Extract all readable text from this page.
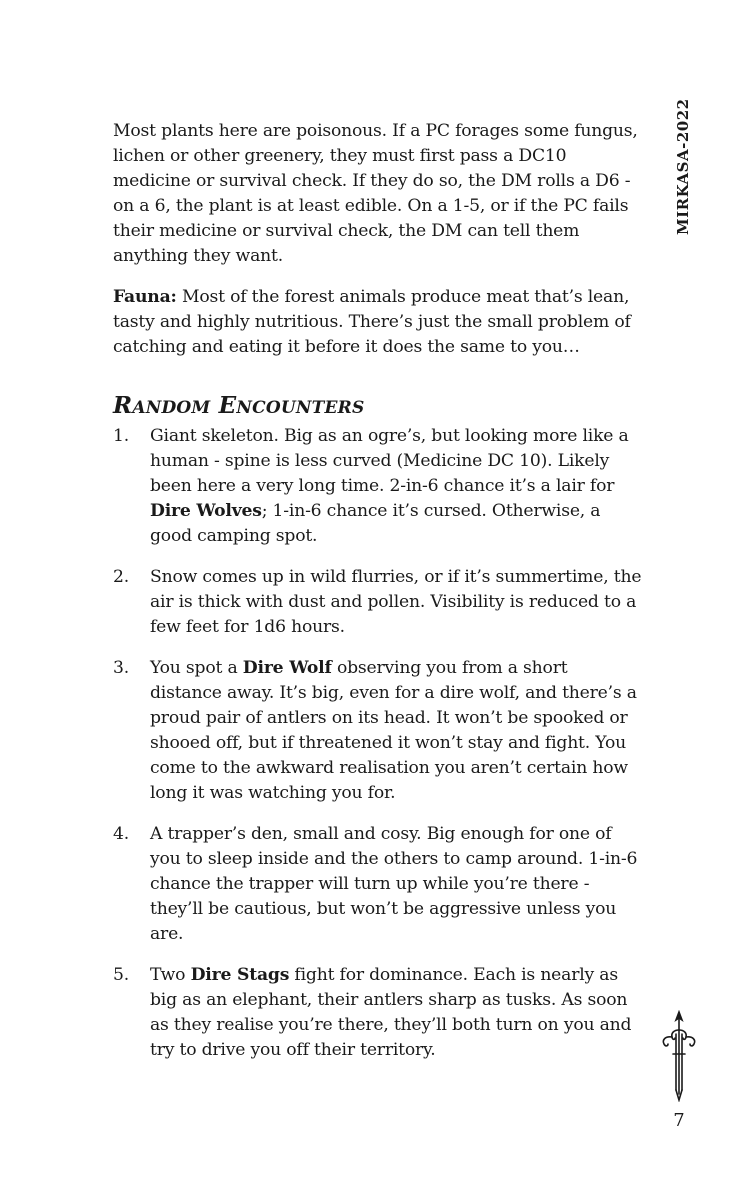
MIRKASA-2022

Most plants here are poisonous. If a PC forages some fungus, lichen or other greenery, they must first pass a DC10 medicine or survival check. If they do so, the DM rolls a D6 - on a 6, the plant is at least edible. On a 1-5, or if the PC fails their medicine or survival check, the DM can tell them anything they want.

Fauna: Most of the forest animals produce meat that’s lean, tasty and highly nutritious. There’s just the small problem of catching and eating it before it does the same to you…

RANDOM ENCOUNTERS
1.	Giant skeleton. Big as an ogre’s, but looking more like a human - spine is less curved (Medicine DC 10). Likely been here a very long time. 2-in-6 chance it’s a lair for Dire Wolves; 1-in-6 chance it’s cursed. Otherwise, a good camping spot.
2.	Snow comes up in wild flurries, or if it’s summertime, the air is thick with dust and pollen. Visibility is reduced to a few feet for 1d6 hours.
3.	You spot a Dire Wolf observing you from a short distance away. It’s big, even for a dire wolf, and there’s a proud pair of antlers on its head. It won’t be spooked or shooed off, but if threatened it won’t stay and fight. You come to the awkward realisation you aren’t certain how long it was watching you for.
4.	A trapper’s den, small and cosy. Big enough for one of you to sleep inside and the others to camp around. 1-in-6 chance the trapper will turn up while you’re there - they’ll be cautious, but won’t be aggressive unless you are.
5.	Two Dire Stags fight for dominance. Each is nearly as big as an elephant, their antlers sharp as tusks. As soon as they realise you’re there, they’ll both turn on you and try to drive you off their territory.
7
